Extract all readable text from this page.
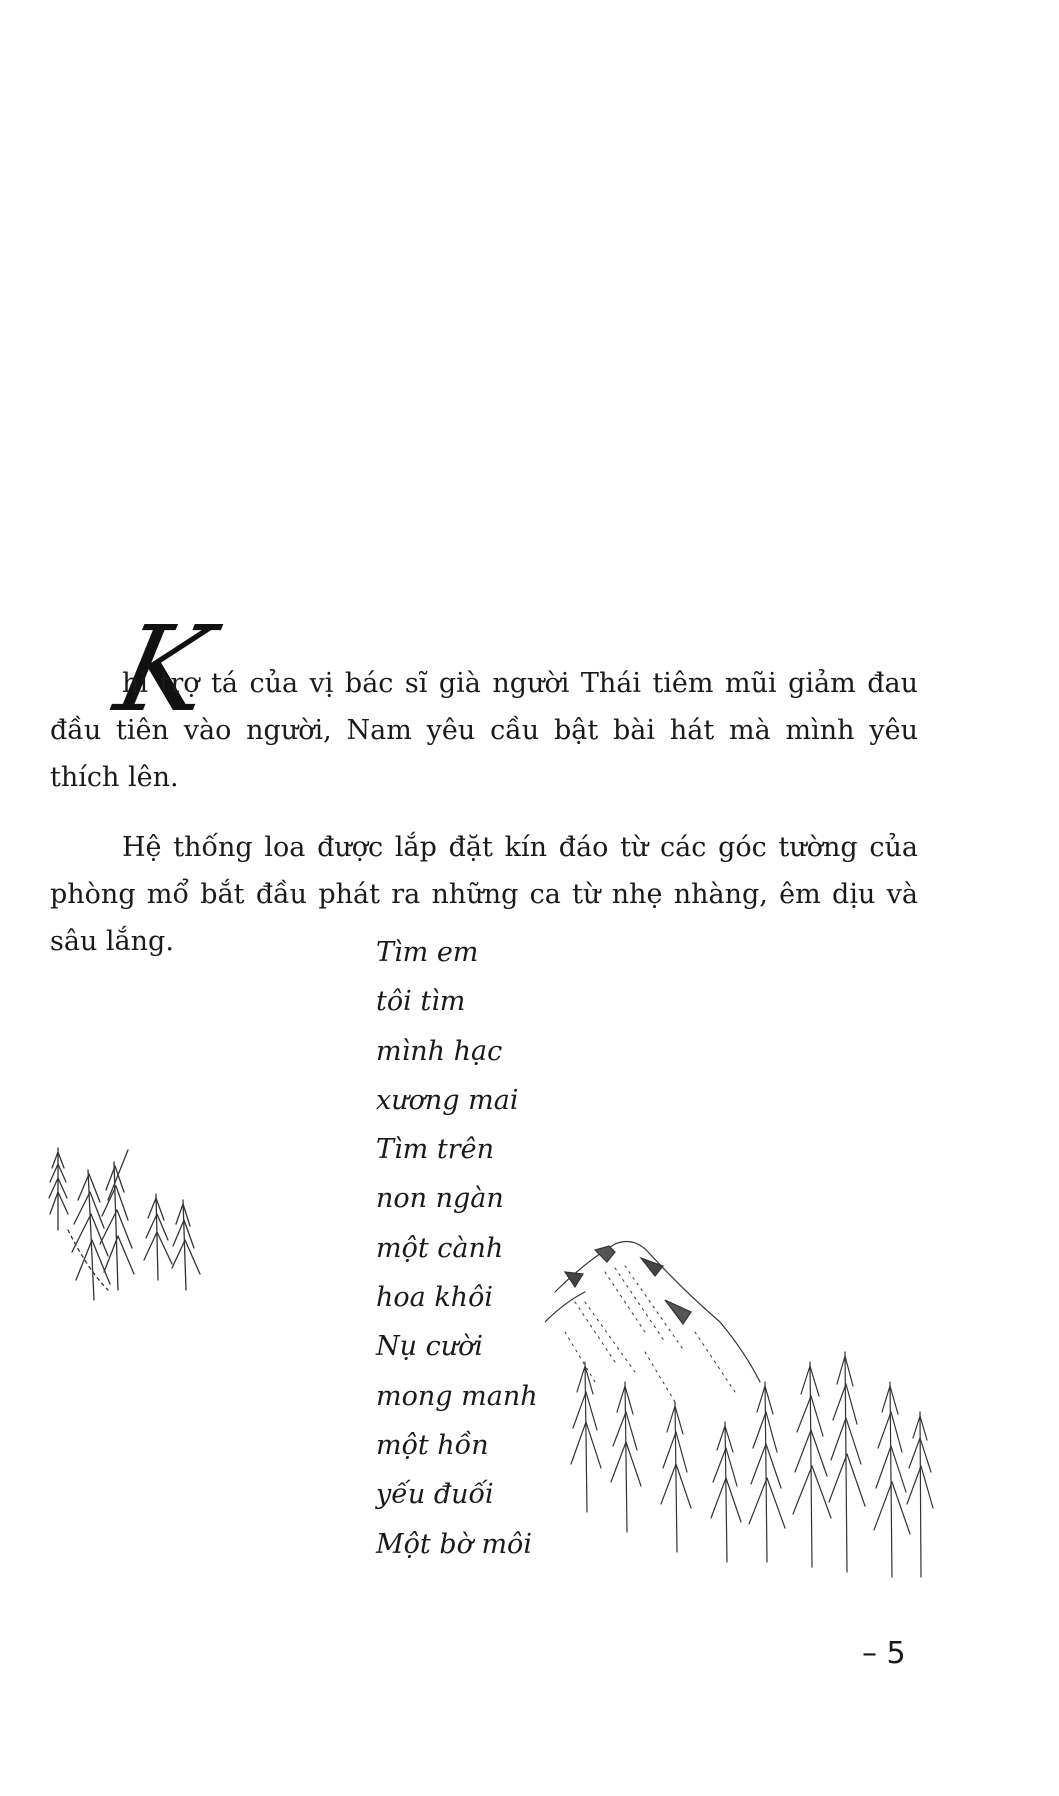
K

hi trợ tá của vị bác sĩ già người Thái tiêm mũi giảm đau đầu tiên vào người, Nam yêu cầu bật bài hát mà mình yêu thích lên.

Hệ thống loa được lắp đặt kín đáo từ các góc tường của phòng mổ bắt đầu phát ra những ca từ nhẹ nhàng, êm dịu và sâu lắng.	Tìm em
tôi tìm
mình hạc
xương mai
Tìm trên
non ngàn
một cành
hoa khôi
Nụ cười
mong manh
một hồn
yếu đuối
Một bờ môi
– 5
